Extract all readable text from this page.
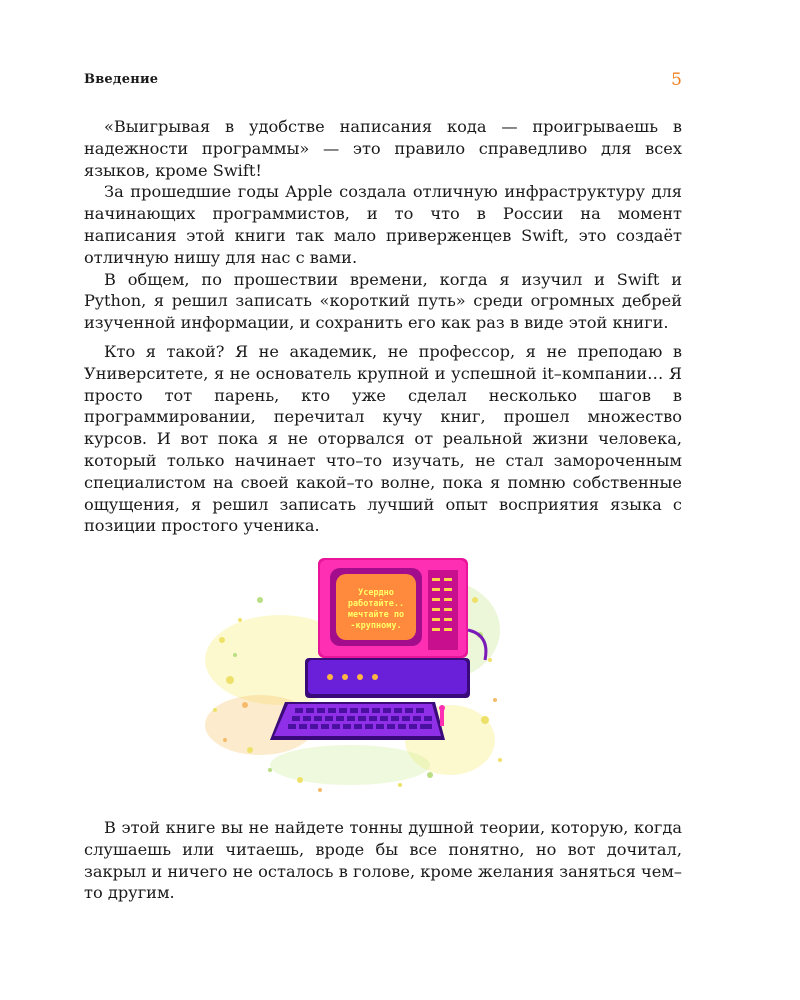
Введение	5

«Выигрывая в удобстве написания кода — проигрываешь в надежности программы» — это правило справедливо для всех языков, кроме Swift!

За прошедшие годы Apple создала отличную инфраструктуру для начинающих программистов, и то что в России на момент написания этой книги так мало приверженцев Swift, это создаёт отличную нишу для нас с вами.

В общем, по прошествии времени, когда я изучил и Swift и Python, я решил записать «короткий путь» среди огромных дебрей изученной информации, и сохранить его как раз в виде этой книги.

Кто я такой? Я не академик, не профессор, я не преподаю в Университете, я не основатель крупной и успешной it–компании… Я просто тот парень, кто уже сделал несколько шагов в программировании, перечитал кучу книг, прошел множество курсов. И вот пока я не оторвался от реальной жизни человека, который только начинает что–то изучать, не стал замороченным специалистом на своей какой–то волне, пока я помню собственные ощущения, я решил записать лучший опыт восприятия языка с позиции простого ученика.

Усердно
работайте..
мечтайте по
-крупному.

В этой книге вы не найдете тонны душной теории, которую, когда слушаешь или читаешь, вроде бы все понятно, но вот дочитал, закрыл и ничего не осталось в голове, кроме желания заняться чем–то другим.
